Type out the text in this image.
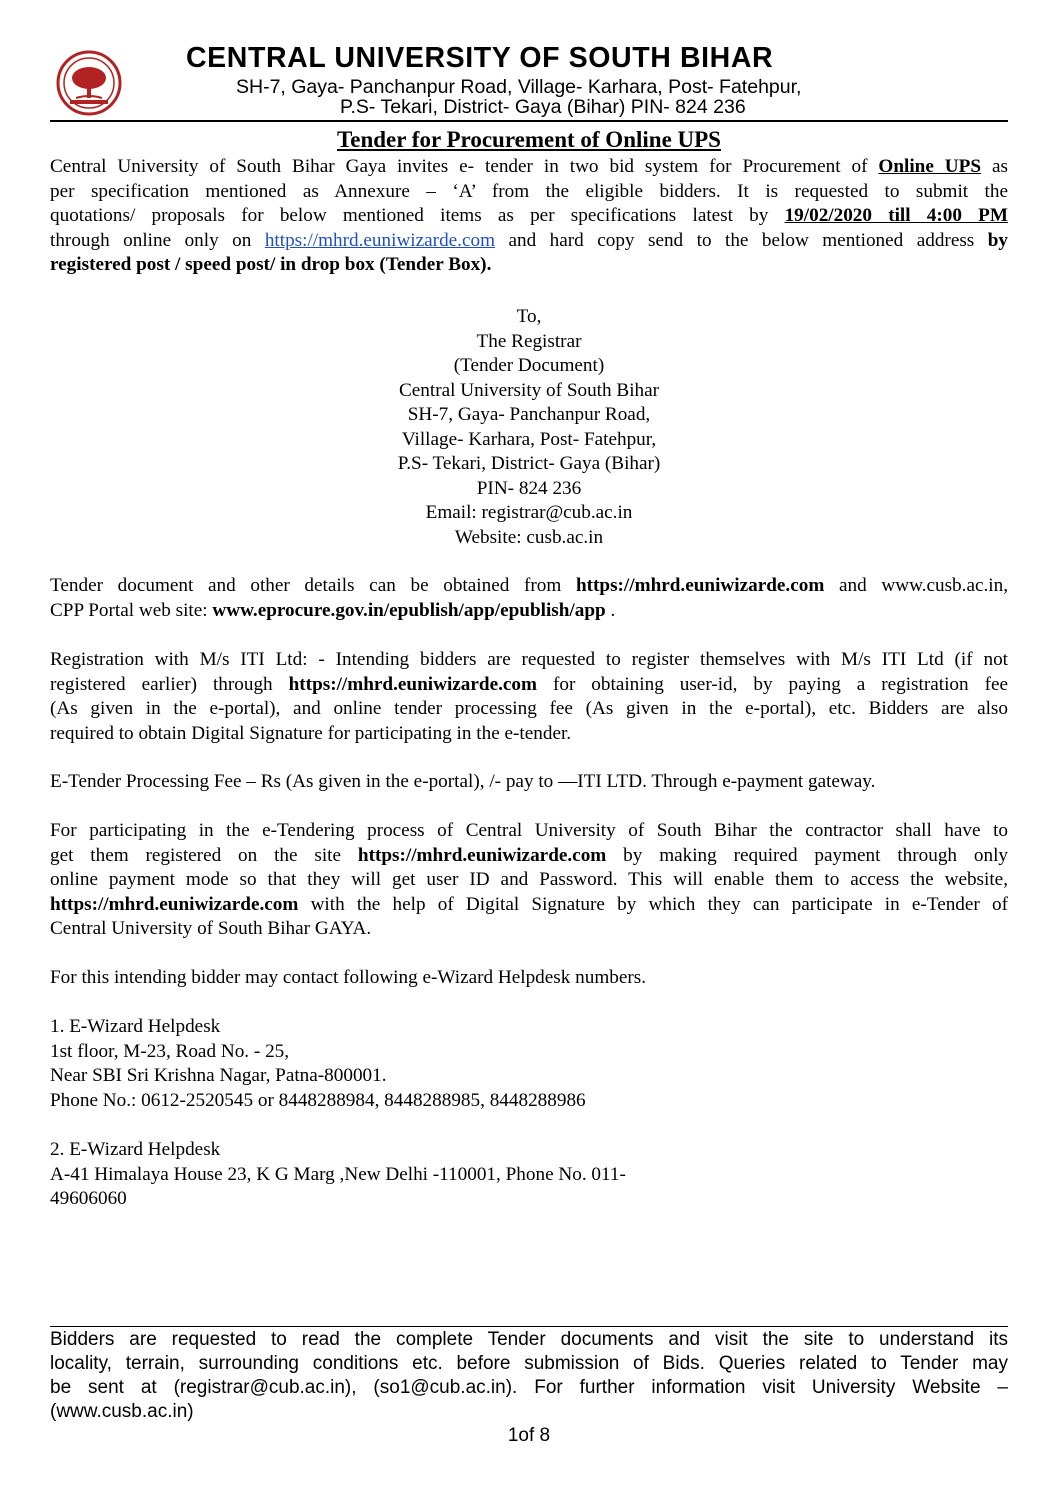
CENTRAL UNIVERSITY OF SOUTH BIHAR
SH-7, Gaya- Panchanpur Road, Village- Karhara, Post- Fatehpur,
P.S- Tekari, District- Gaya (Bihar) PIN- 824 236
Tender for Procurement of Online UPS
Central University of South Bihar Gaya invites e- tender in two bid system for Procurement of Online UPS as
per specification mentioned as Annexure – ‘A’ from the eligible bidders. It is requested to submit the
quotations/ proposals for below mentioned items as per specifications latest by 19/02/2020 till 4:00 PM
through online only on https://mhrd.euniwizarde.com and hard copy send to the below mentioned address by
registered post / speed post/ in drop box (Tender Box).
To,
The Registrar
(Tender Document)
Central University of South Bihar
SH-7, Gaya- Panchanpur Road,
Village- Karhara, Post- Fatehpur,
P.S- Tekari, District- Gaya (Bihar)
PIN- 824 236
Email: registrar@cub.ac.in
Website: cusb.ac.in
Tender document and other details can be obtained from https://mhrd.euniwizarde.com and www.cusb.ac.in,
CPP Portal web site: www.eprocure.gov.in/epublish/app/epublish/app .
Registration with M/s ITI Ltd: - Intending bidders are requested to register themselves with M/s ITI Ltd (if not
registered earlier) through https://mhrd.euniwizarde.com for obtaining user-id, by paying a registration fee
(As given in the e-portal), and online tender processing fee (As given in the e-portal), etc. Bidders are also
required to obtain Digital Signature for participating in the e-tender.
E-Tender Processing Fee – Rs (As given in the e-portal), /- pay to ―ITI LTD. Through e-payment gateway.
For participating in the e-Tendering process of Central University of South Bihar the contractor shall have to
get them registered on the site https://mhrd.euniwizarde.com by making required payment through only
online payment mode so that they will get user ID and Password. This will enable them to access the website,
https://mhrd.euniwizarde.com with the help of Digital Signature by which they can participate in e-Tender of
Central University of South Bihar GAYA.
For this intending bidder may contact following e-Wizard Helpdesk numbers.
1. E-Wizard Helpdesk
1st floor, M-23, Road No. - 25,
Near SBI Sri Krishna Nagar, Patna-800001.
Phone No.: 0612-2520545 or 8448288984, 8448288985, 8448288986
2. E-Wizard Helpdesk
A-41 Himalaya House 23, K G Marg ,New Delhi -110001, Phone No. 011-
49606060
Bidders are requested to read the complete Tender documents and visit the site to understand its
locality, terrain, surrounding conditions etc. before submission of Bids. Queries related to Tender may
be sent at (registrar@cub.ac.in), (so1@cub.ac.in). For further information visit University Website –
(www.cusb.ac.in)
1of 8
